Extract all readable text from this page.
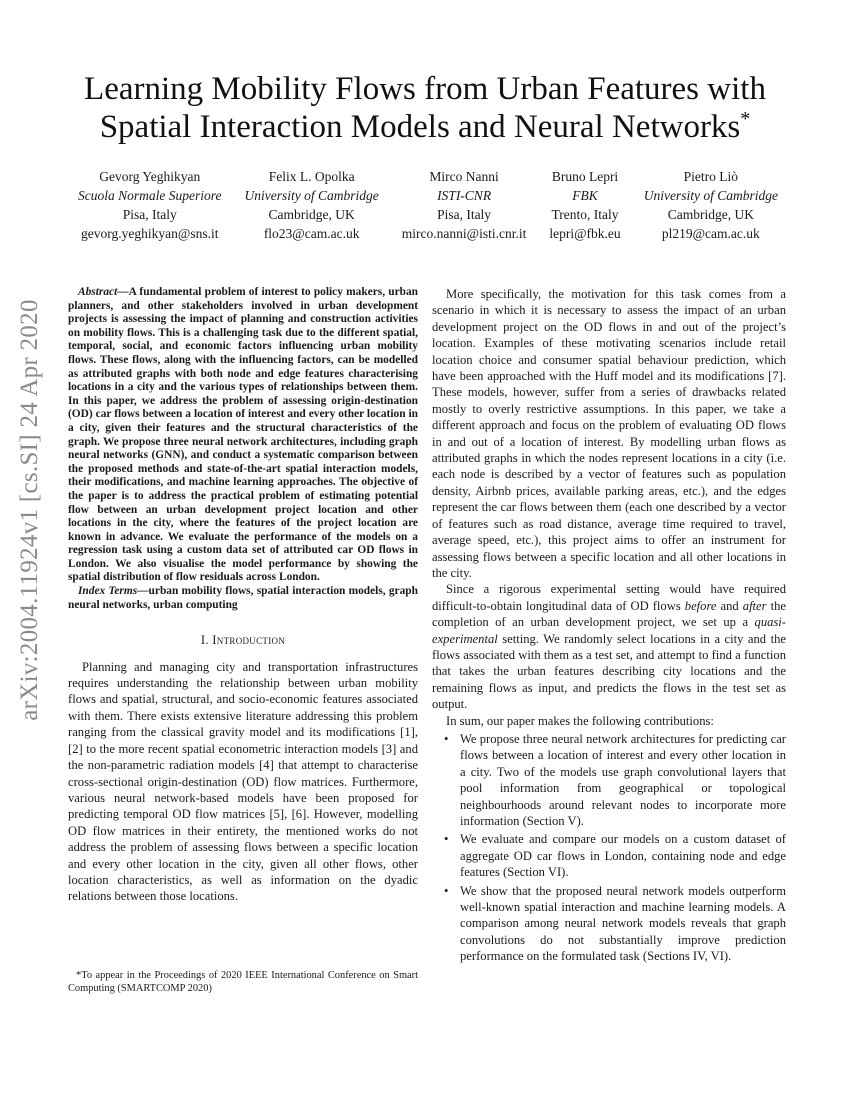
arXiv:2004.11924v1 [cs.SI] 24 Apr 2020
Learning Mobility Flows from Urban Features with
Spatial Interaction Models and Neural Networks*
Gevorg Yeghikyan
Scuola Normale Superiore
Pisa, Italy
gevorg.yeghikyan@sns.it
Felix L. Opolka
University of Cambridge
Cambridge, UK
flo23@cam.ac.uk
Mirco Nanni
ISTI-CNR
Pisa, Italy
mirco.nanni@isti.cnr.it
Bruno Lepri
FBK
Trento, Italy
lepri@fbk.eu
Pietro Liò
University of Cambridge
Cambridge, UK
pl219@cam.ac.uk

Abstract—A fundamental problem of interest to policy makers, urban planners, and other stakeholders involved in urban development projects is assessing the impact of planning and construction activities on mobility flows. This is a challenging task due to the different spatial, temporal, social, and economic factors influencing urban mobility flows. These flows, along with the influencing factors, can be modelled as attributed graphs with both node and edge features characterising locations in a city and the various types of relationships between them. In this paper, we address the problem of assessing origin-destination (OD) car flows between a location of interest and every other location in a city, given their features and the structural characteristics of the graph. We propose three neural network architectures, including graph neural networks (GNN), and conduct a systematic comparison between the proposed methods and state-of-the-art spatial interaction models, their modifications, and machine learning approaches. The objective of the paper is to address the practical problem of estimating potential flow between an urban development project location and other locations in the city, where the features of the project location are known in advance. We evaluate the performance of the models on a regression task using a custom data set of attributed car OD flows in London. We also visualise the model performance by showing the spatial distribution of flow residuals across London.

Index Terms—urban mobility flows, spatial interaction models, graph neural networks, urban computing

I. Introduction

Planning and managing city and transportation infrastructures requires understanding the relationship between urban mobility flows and spatial, structural, and socio-economic features associated with them. There exists extensive literature addressing this problem ranging from the classical gravity model and its modifications [1], [2] to the more recent spatial econometric interaction models [3] and the non-parametric radiation models [4] that attempt to characterise cross-sectional origin-destination (OD) flow matrices. Furthermore, various neural network-based models have been proposed for predicting temporal OD flow matrices [5], [6]. However, modelling OD flow matrices in their entirety, the mentioned works do not address the problem of assessing flows between a specific location and every other location in the city, given all other flows, other location characteristics, as well as information on the dyadic relations between those locations.

*To appear in the Proceedings of 2020 IEEE International Conference on Smart Computing (SMARTCOMP 2020)

More specifically, the motivation for this task comes from a scenario in which it is necessary to assess the impact of an urban development project on the OD flows in and out of the project’s location. Examples of these motivating scenarios include retail location choice and consumer spatial behaviour prediction, which have been approached with the Huff model and its modifications [7]. These models, however, suffer from a series of drawbacks related mostly to overly restrictive assumptions. In this paper, we take a different approach and focus on the problem of evaluating OD flows in and out of a location of interest. By modelling urban flows as attributed graphs in which the nodes represent locations in a city (i.e. each node is described by a vector of features such as population density, Airbnb prices, available parking areas, etc.), and the edges represent the car flows between them (each one described by a vector of features such as road distance, average time required to travel, average speed, etc.), this project aims to offer an instrument for assessing flows between a specific location and all other locations in the city.

Since a rigorous experimental setting would have required difficult-to-obtain longitudinal data of OD flows before and after the completion of an urban development project, we set up a quasi-experimental setting. We randomly select locations in a city and the flows associated with them as a test set, and attempt to find a function that takes the urban features describing city locations and the remaining flows as input, and predicts the flows in the test set as output.

In sum, our paper makes the following contributions:

• We propose three neural network architectures for predicting car flows between a location of interest and every other location in a city. Two of the models use graph convolutional layers that pool information from geographical or topological neighbourhoods around relevant nodes to incorporate more information (Section V).
• We evaluate and compare our models on a custom dataset of aggregate OD car flows in London, containing node and edge features (Section VI).
• We show that the proposed neural network models outperform well-known spatial interaction and machine learning models. A comparison among neural network models reveals that graph convolutions do not substantially improve prediction performance on the formulated task (Sections IV, VI).
